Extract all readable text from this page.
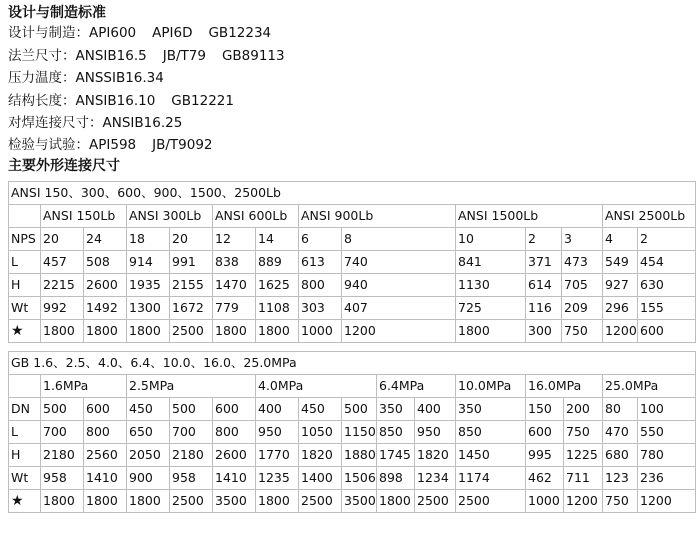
设计与制造标准
设计与制造：API600 API6D GB12234
法兰尺寸：ANSIB16.5 JB/T79 GB89113
压力温度：ANSSIB16.34
结构长度：ANSIB16.10 GB12221
对焊连接尺寸：ANSIB16.25
检验与试验：API598 JB/T9092
主要外形连接尺寸
ANSI 150、300、600、900、1500、2500Lb														
	ANSI 150Lb		ANSI 300Lb		ANSI 600Lb		ANSI 900Lb		ANSI 1500Lb			ANSI 2500Lb		
NPS	20	24	18	20	12	14	6	8	10	2	3	4	2	
L	457	508	914	991	838	889	613	740	841	371	473	549	454	
H	2215	2600	1935	2155	1470	1625	800	940	1130	614	705	927	630	
Wt	992	1492	1300	1672	779	1108	303	407	725	116	209	296	155	
★	1800	1800	1800	2500	1800	1800	1000	1200	1800	300	750	1200	600	
GB 1.6、2.5、4.0、6.4、10.0、16.0、25.0MPa															
	1.6MPa		2.5MPa			4.0MPa			6.4MPa		10.0MPa	16.0MPa		25.0MPa	
DN	500	600	450	500	600	400	450	500	350	400	350	150	200	80	100
L	700	800	650	700	800	950	1050	1150	850	950	850	600	750	470	550
H	2180	2560	2050	2180	2600	1770	1820	1880	1745	1820	1450	995	1225	680	780
Wt	958	1410	900	958	1410	1235	1400	1506	898	1234	1174	462	711	123	236
★	1800	1800	1800	2500	3500	1800	2500	3500	1800	2500	2500	1000	1200	750	1200
